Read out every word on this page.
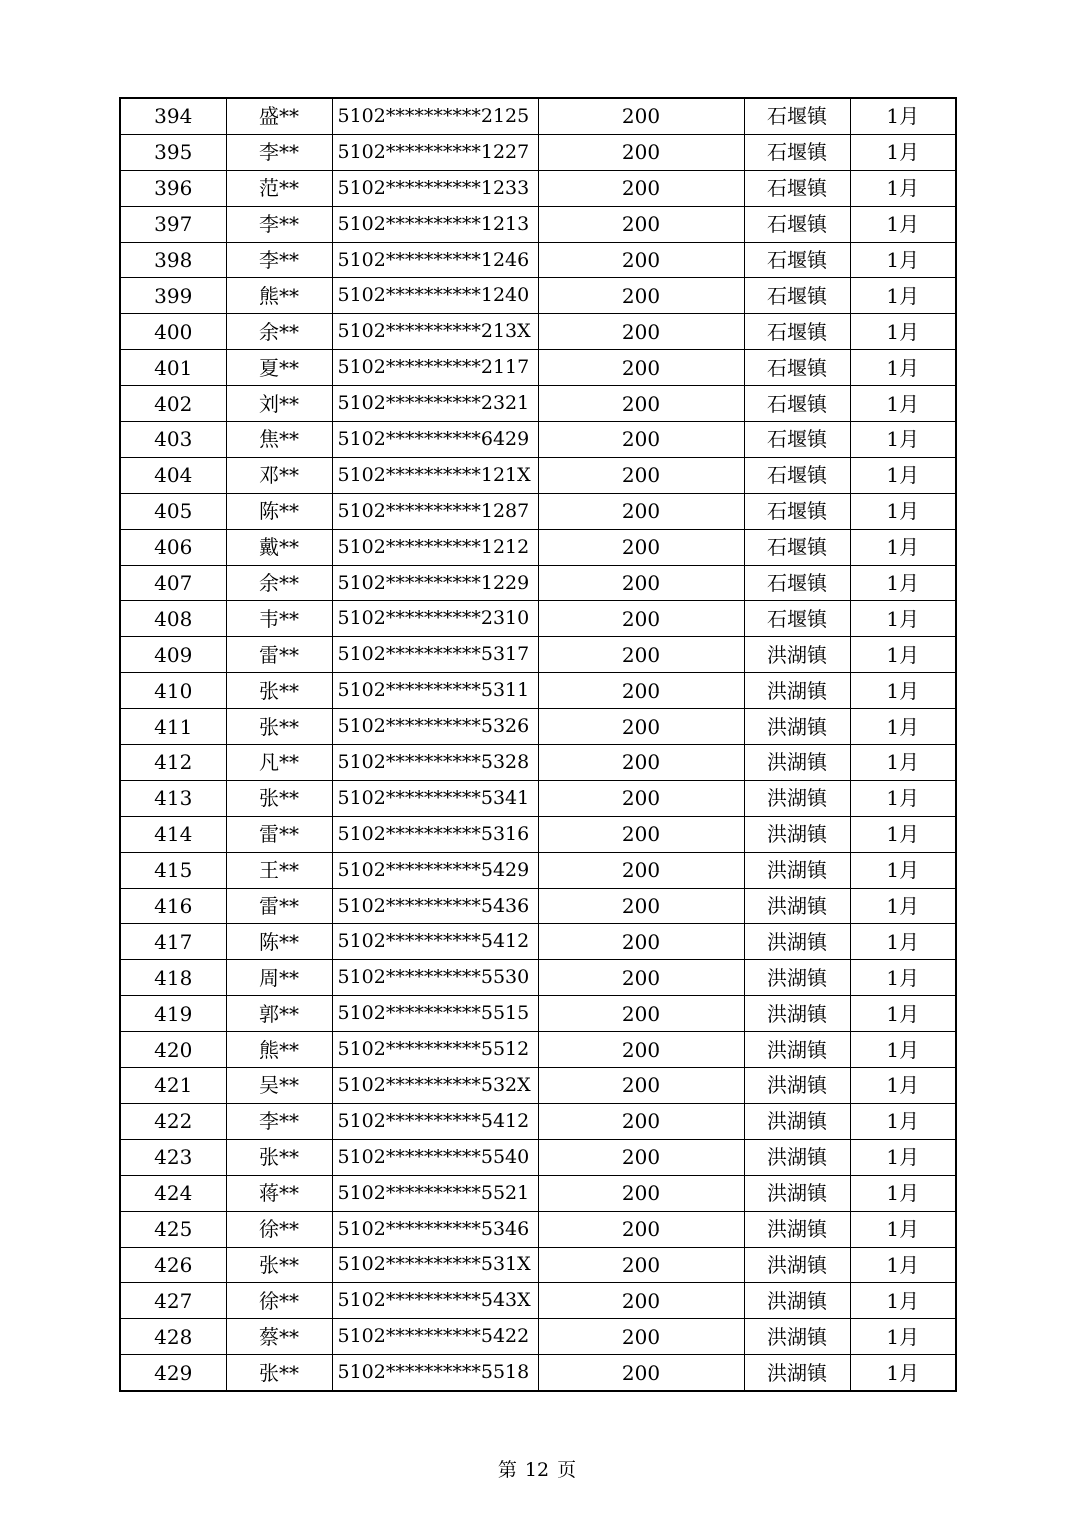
394	盛**	5102**********2125	200	石堰镇	1月
395	李**	5102**********1227	200	石堰镇	1月
396	范**	5102**********1233	200	石堰镇	1月
397	李**	5102**********1213	200	石堰镇	1月
398	李**	5102**********1246	200	石堰镇	1月
399	熊**	5102**********1240	200	石堰镇	1月
400	余**	5102**********213X	200	石堰镇	1月
401	夏**	5102**********2117	200	石堰镇	1月
402	刘**	5102**********2321	200	石堰镇	1月
403	焦**	5102**********6429	200	石堰镇	1月
404	邓**	5102**********121X	200	石堰镇	1月
405	陈**	5102**********1287	200	石堰镇	1月
406	戴**	5102**********1212	200	石堰镇	1月
407	余**	5102**********1229	200	石堰镇	1月
408	韦**	5102**********2310	200	石堰镇	1月
409	雷**	5102**********5317	200	洪湖镇	1月
410	张**	5102**********5311	200	洪湖镇	1月
411	张**	5102**********5326	200	洪湖镇	1月
412	凡**	5102**********5328	200	洪湖镇	1月
413	张**	5102**********5341	200	洪湖镇	1月
414	雷**	5102**********5316	200	洪湖镇	1月
415	王**	5102**********5429	200	洪湖镇	1月
416	雷**	5102**********5436	200	洪湖镇	1月
417	陈**	5102**********5412	200	洪湖镇	1月
418	周**	5102**********5530	200	洪湖镇	1月
419	郭**	5102**********5515	200	洪湖镇	1月
420	熊**	5102**********5512	200	洪湖镇	1月
421	吴**	5102**********532X	200	洪湖镇	1月
422	李**	5102**********5412	200	洪湖镇	1月
423	张**	5102**********5540	200	洪湖镇	1月
424	蒋**	5102**********5521	200	洪湖镇	1月
425	徐**	5102**********5346	200	洪湖镇	1月
426	张**	5102**********531X	200	洪湖镇	1月
427	徐**	5102**********543X	200	洪湖镇	1月
428	蔡**	5102**********5422	200	洪湖镇	1月
429	张**	5102**********5518	200	洪湖镇	1月
第 12 页
